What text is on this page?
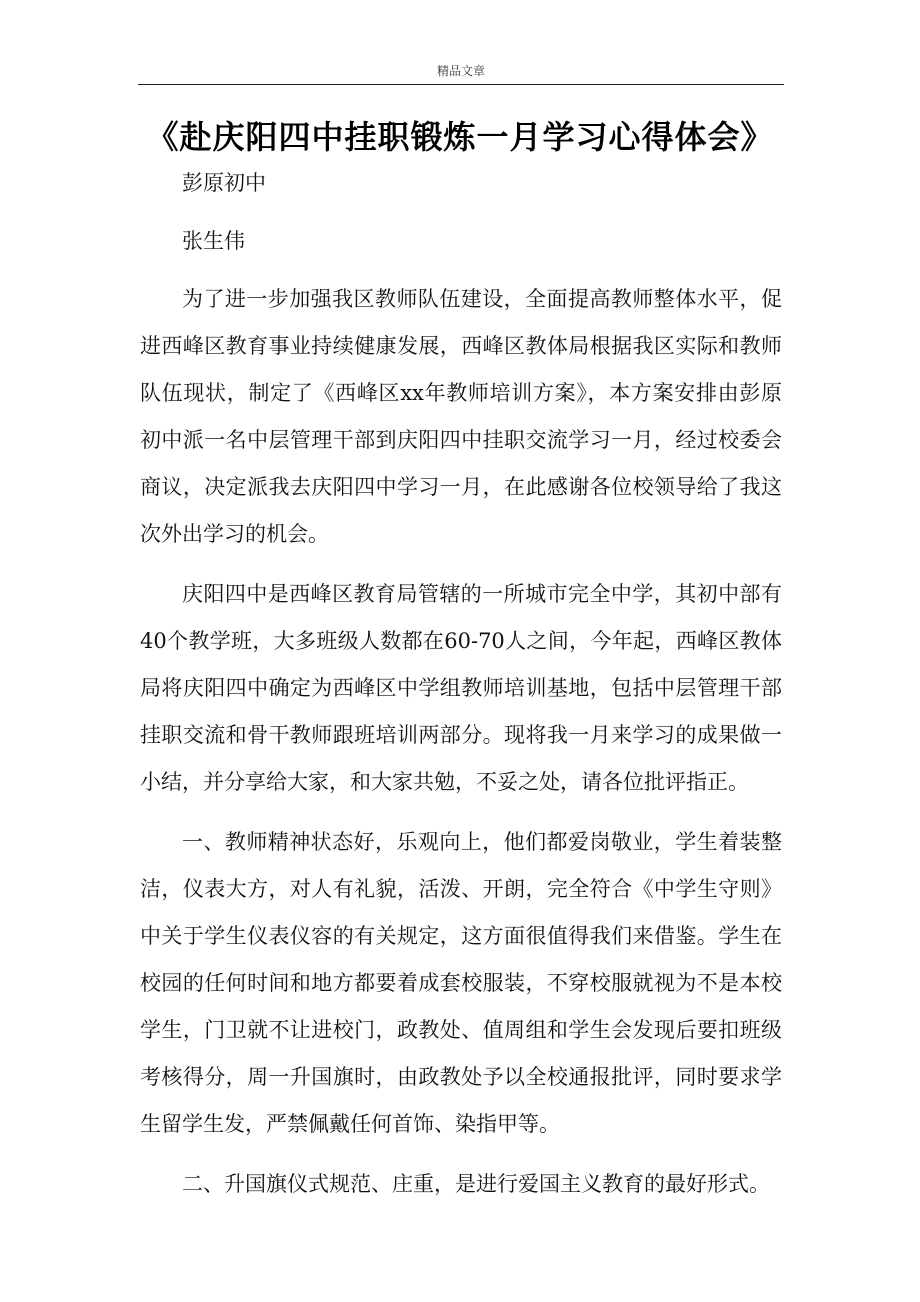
精品文章
《赴庆阳四中挂职锻炼一月学习心得体会》

彭原初中

张生伟

为了进一步加强我区教师队伍建设，全面提高教师整体水平，促进西峰区教育事业持续健康发展，西峰区教体局根据我区实际和教师队伍现状，制定了《西峰区xx年教师培训方案》，本方案安排由彭原初中派一名中层管理干部到庆阳四中挂职交流学习一月，经过校委会商议，决定派我去庆阳四中学习一月，在此感谢各位校领导给了我这次外出学习的机会。

庆阳四中是西峰区教育局管辖的一所城市完全中学，其初中部有40个教学班，大多班级人数都在60-70人之间，今年起，西峰区教体局将庆阳四中确定为西峰区中学组教师培训基地，包括中层管理干部挂职交流和骨干教师跟班培训两部分。现将我一月来学习的成果做一小结，并分享给大家，和大家共勉，不妥之处，请各位批评指正。

一、教师精神状态好，乐观向上，他们都爱岗敬业，学生着装整洁，仪表大方，对人有礼貌，活泼、开朗，完全符合《中学生守则》中关于学生仪表仪容的有关规定，这方面很值得我们来借鉴。学生在校园的任何时间和地方都要着成套校服装，不穿校服就视为不是本校学生，门卫就不让进校门，政教处、值周组和学生会发现后要扣班级考核得分，周一升国旗时，由政教处予以全校通报批评，同时要求学生留学生发，严禁佩戴任何首饰、染指甲等。

二、升国旗仪式规范、庄重，是进行爱国主义教育的最好形式。
